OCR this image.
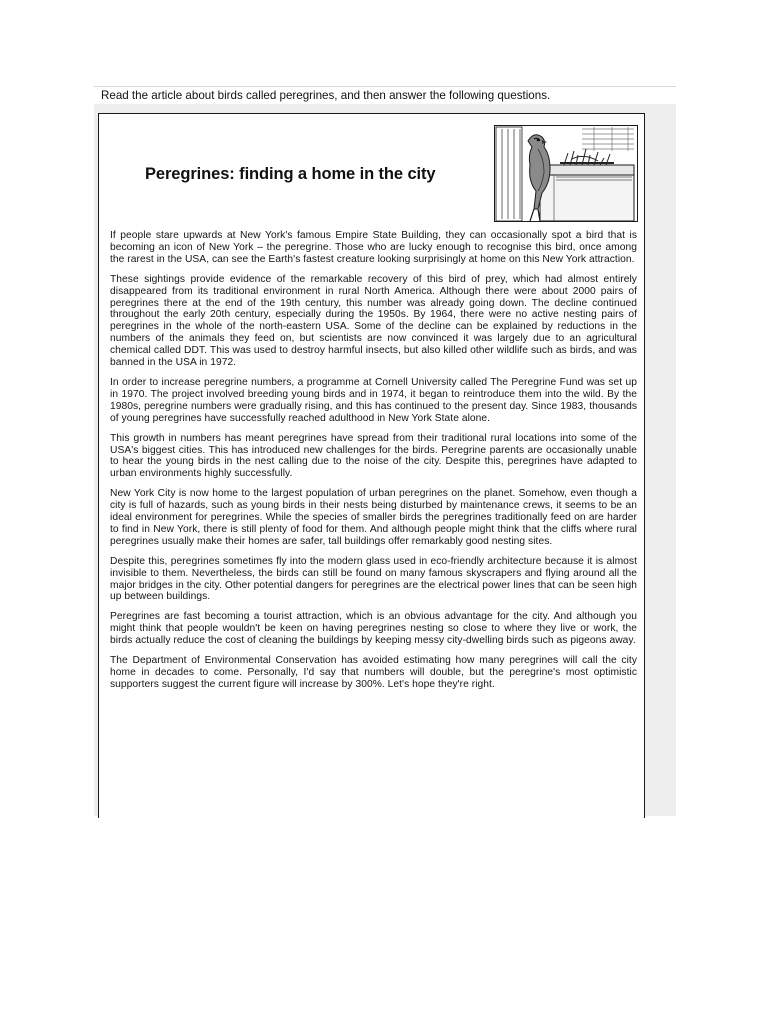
Read the article about birds called peregrines, and then answer the following questions.
Peregrines: finding a home in the city

If people stare upwards at New York's famous Empire State Building, they can occasionally spot a bird that is becoming an icon of New York – the peregrine. Those who are lucky enough to recognise this bird, once among the rarest in the USA, can see the Earth's fastest creature looking surprisingly at home on this New York attraction.

These sightings provide evidence of the remarkable recovery of this bird of prey, which had almost entirely disappeared from its traditional environment in rural North America. Although there were about 2000 pairs of peregrines there at the end of the 19th century, this number was already going down. The decline continued throughout the early 20th century, especially during the 1950s. By 1964, there were no active nesting pairs of peregrines in the whole of the north-eastern USA. Some of the decline can be explained by reductions in the numbers of the animals they feed on, but scientists are now convinced it was largely due to an agricultural chemical called DDT. This was used to destroy harmful insects, but also killed other wildlife such as birds, and was banned in the USA in 1972.

In order to increase peregrine numbers, a programme at Cornell University called The Peregrine Fund was set up in 1970. The project involved breeding young birds and in 1974, it began to reintroduce them into the wild. By the 1980s, peregrine numbers were gradually rising, and this has continued to the present day. Since 1983, thousands of young peregrines have successfully reached adulthood in New York State alone.

This growth in numbers has meant peregrines have spread from their traditional rural locations into some of the USA's biggest cities. This has introduced new challenges for the birds. Peregrine parents are occasionally unable to hear the young birds in the nest calling due to the noise of the city. Despite this, peregrines have adapted to urban environments highly successfully.

New York City is now home to the largest population of urban peregrines on the planet. Somehow, even though a city is full of hazards, such as young birds in their nests being disturbed by maintenance crews, it seems to be an ideal environment for peregrines. While the species of smaller birds the peregrines traditionally feed on are harder to find in New York, there is still plenty of food for them. And although people might think that the cliffs where rural peregrines usually make their homes are safer, tall buildings offer remarkably good nesting sites.

Despite this, peregrines sometimes fly into the modern glass used in eco-friendly architecture because it is almost invisible to them. Nevertheless, the birds can still be found on many famous skyscrapers and flying around all the major bridges in the city. Other potential dangers for peregrines are the electrical power lines that can be seen high up between buildings.

Peregrines are fast becoming a tourist attraction, which is an obvious advantage for the city. And although you might think that people wouldn't be keen on having peregrines nesting so close to where they live or work, the birds actually reduce the cost of cleaning the buildings by keeping messy city-dwelling birds such as pigeons away.

The Department of Environmental Conservation has avoided estimating how many peregrines will call the city home in decades to come. Personally, I'd say that numbers will double, but the peregrine's most optimistic supporters suggest the current figure will increase by 300%. Let's hope they're right.
